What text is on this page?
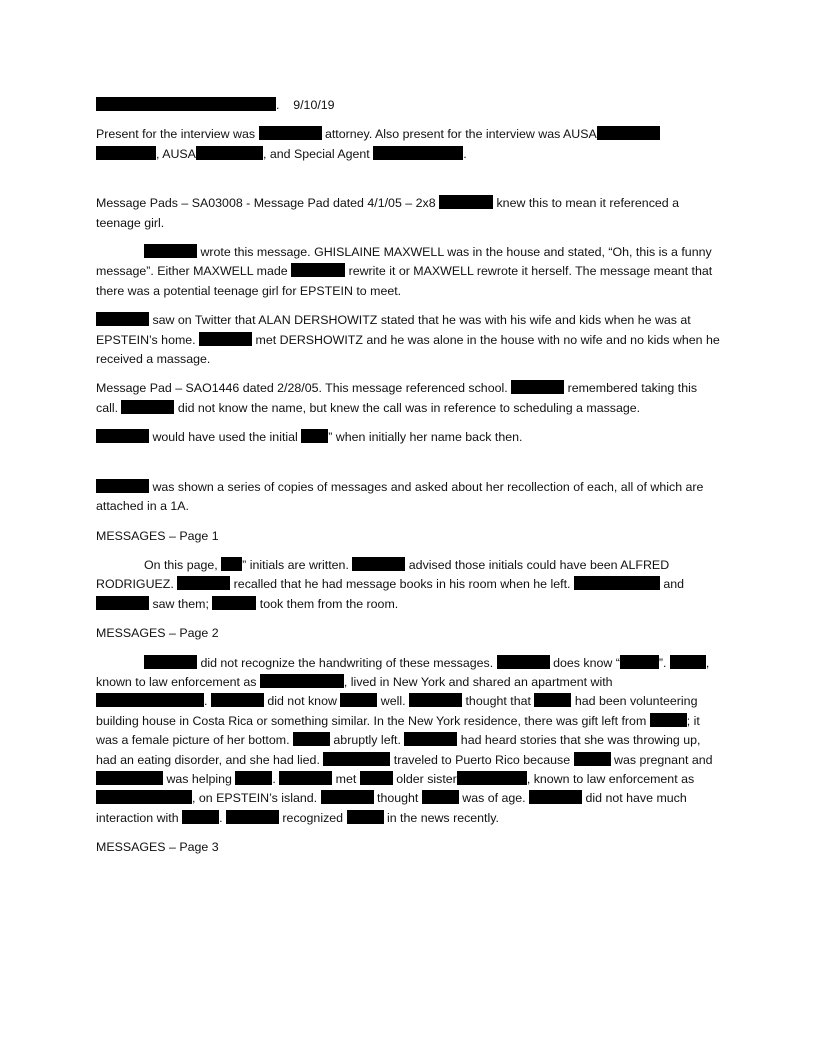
.    9/10/19

Present for the interview was	attorney. Also present for the interview was AUSA , AUSA	, and Special Agent	.

Message Pads – SA03008 - Message Pad dated 4/1/05 – 2x8	knew this to mean it referenced a teenage girl.

wrote this message. GHISLAINE MAXWELL was in the house and stated, “Oh, this is a funny message”. Either MAXWELL made	rewrite it or MAXWELL rewrote it herself. The message meant that there was a potential teenage girl for EPSTEIN to meet.

saw on Twitter that ALAN DERSHOWITZ stated that he was with his wife and kids when he was at EPSTEIN’s home.	met DERSHOWITZ and he was alone in the house with no wife and no kids when he received a massage.

Message Pad – SAO1446 dated 2/28/05. This message referenced school.	remembered taking this call.	did not know the name, but knew the call was in reference to scheduling a massage.

would have used the initial ” when initially her name back then.

was shown a series of copies of messages and asked about her recollection of each, all of which are attached in a 1A.

MESSAGES – Page 1

On this page, ” initials are written.	advised those initials could have been ALFRED RODRIGUEZ.	recalled that he had message books in his room when he left.	and  saw them;	took them from the room.

MESSAGES – Page 2

did not recognize the handwriting of these messages.	does know “	”.	, known to law enforcement as	, lived in New York and shared an apartment with .	did not know	well.	thought that	had been volunteering building house in Costa Rica or something similar. In the New York residence, there was gift left from	; it was a female picture of her bottom.	abruptly left.	had heard stories that she was throwing up, had an eating disorder, and she had lied.	traveled to Puerto Rico because	was pregnant and  was helping	.	met	older sister	, known to law enforcement as, on EPSTEIN’s island.	thought	was of age.	did not have much interaction with	.	recognized	in the news recently.

MESSAGES – Page 3
